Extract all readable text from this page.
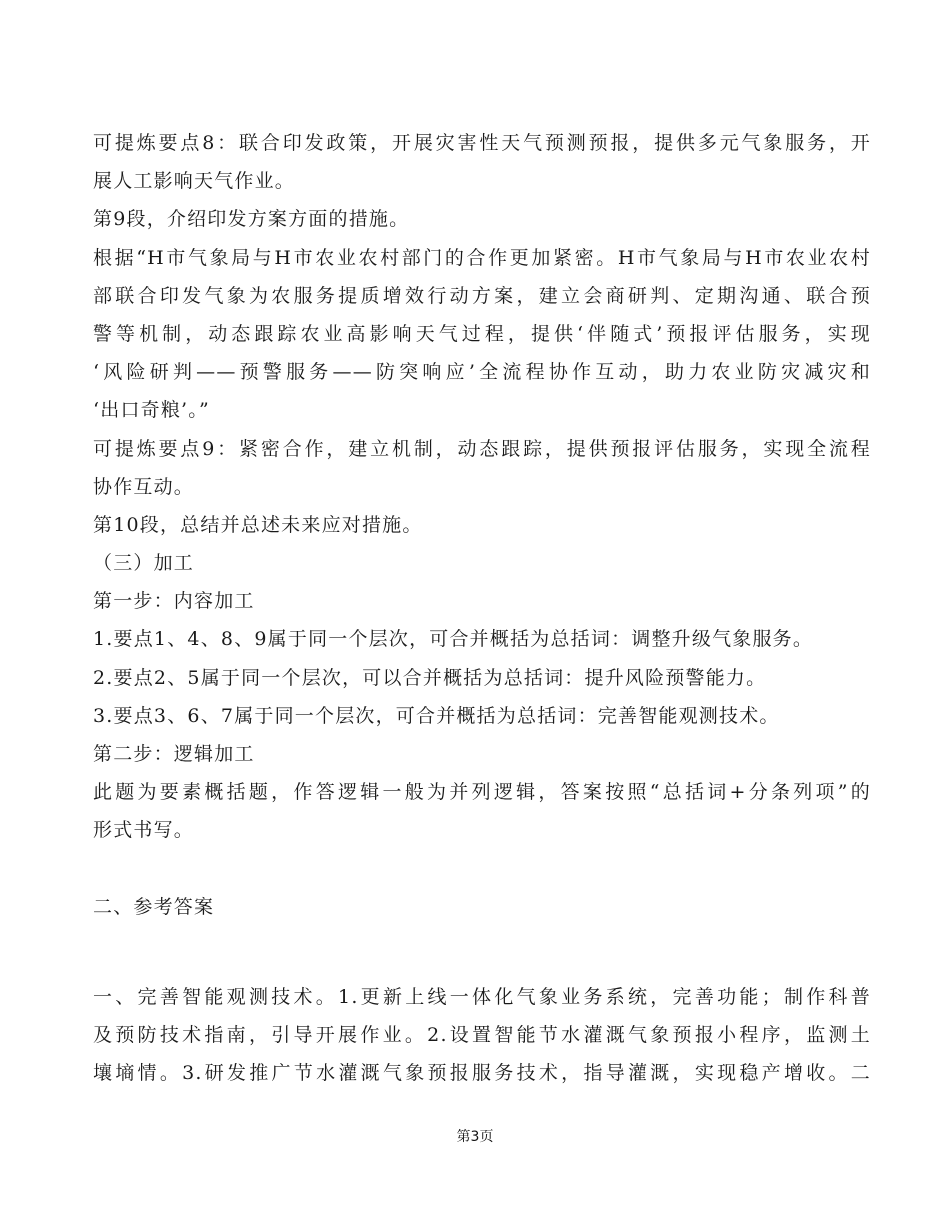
可提炼要点8：联合印发政策，开展灾害性天气预测预报，提供多元气象服务，开
展人工影响天气作业。
第9段，介绍印发方案方面的措施。
根据“H市气象局与H市农业农村部门的合作更加紧密。H市气象局与H市农业农村
部联合印发气象为农服务提质增效行动方案，建立会商研判、定期沟通、联合预
警等机制，动态跟踪农业高影响天气过程，提供‘伴随式’预报评估服务，实现
‘风险研判——预警服务——防突响应’全流程协作互动，助力农业防灾减灾和
‘出口奇粮’。”
可提炼要点9：紧密合作，建立机制，动态跟踪，提供预报评估服务，实现全流程
协作互动。
第10段，总结并总述未来应对措施。
（三）加工
第一步：内容加工
1.要点1、4、8、9属于同一个层次，可合并概括为总括词：调整升级气象服务。
2.要点2、5属于同一个层次，可以合并概括为总括词：提升风险预警能力。
3.要点3、6、7属于同一个层次，可合并概括为总括词：完善智能观测技术。
第二步：逻辑加工
此题为要素概括题，作答逻辑一般为并列逻辑，答案按照“总括词+分条列项”的
形式书写。
二、参考答案
一、完善智能观测技术。1.更新上线一体化气象业务系统，完善功能；制作科普
及预防技术指南，引导开展作业。2.设置智能节水灌溉气象预报小程序，监测土
壤墒情。3.研发推广节水灌溉气象预报服务技术，指导灌溉，实现稳产增收。二
第3页
